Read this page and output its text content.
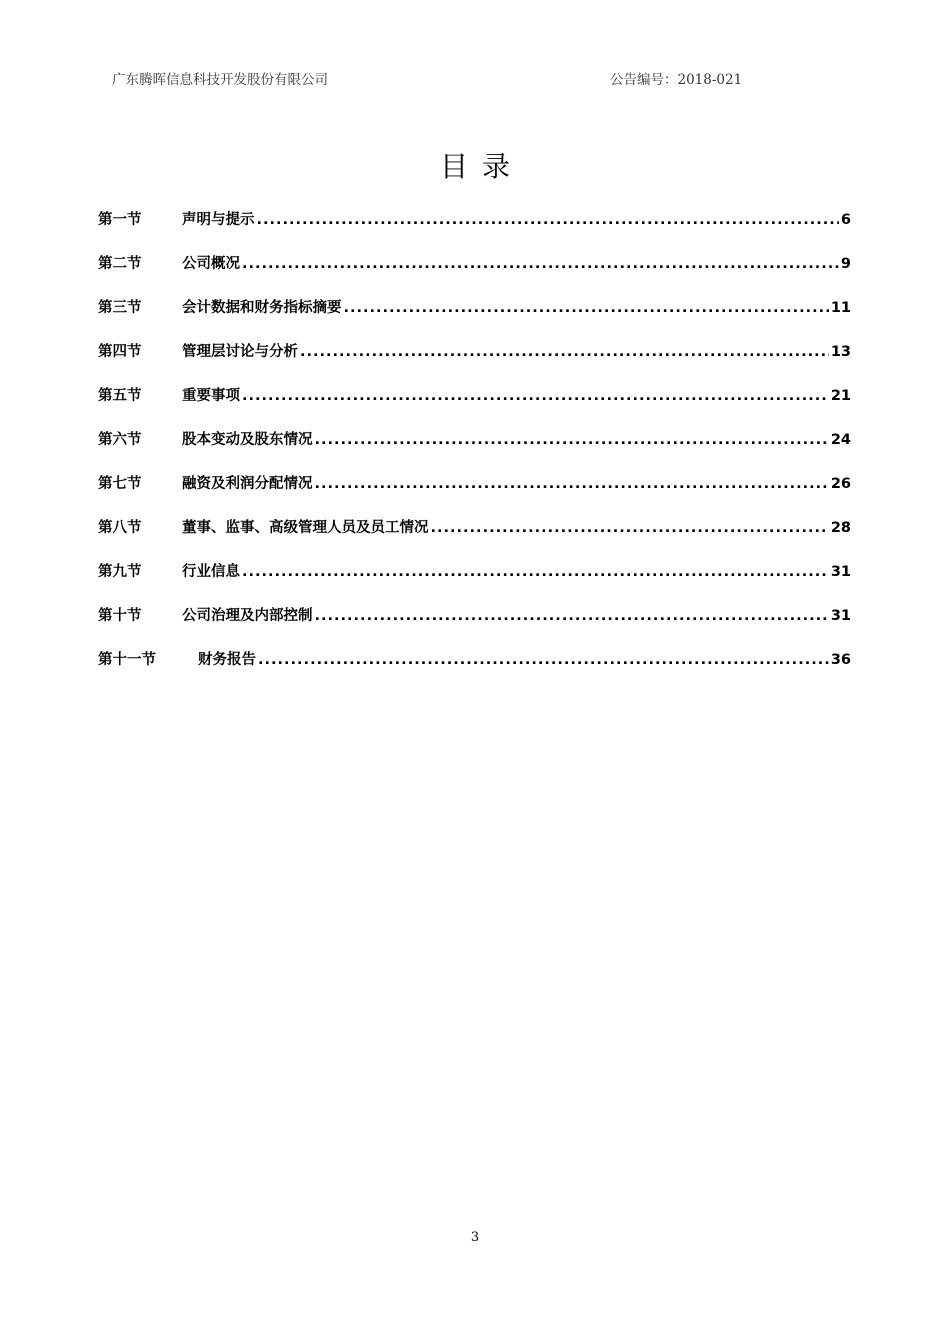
广东腾晖信息科技开发股份有限公司	公告编号：2018-021
目录
第一节	声明与提示 .....	6
第二节	公司概况 .....	9
第三节	会计数据和财务指标摘要 .....	11
第四节	管理层讨论与分析 .....	13
第五节	重要事项 .....	21
第六节	股本变动及股东情况 .....	24
第七节	融资及利润分配情况 .....	26
第八节	董事、监事、高级管理人员及员工情况 .....	28
第九节	行业信息 .....	31
第十节	公司治理及内部控制 .....	31
第十一节	财务报告 .....	36
3
